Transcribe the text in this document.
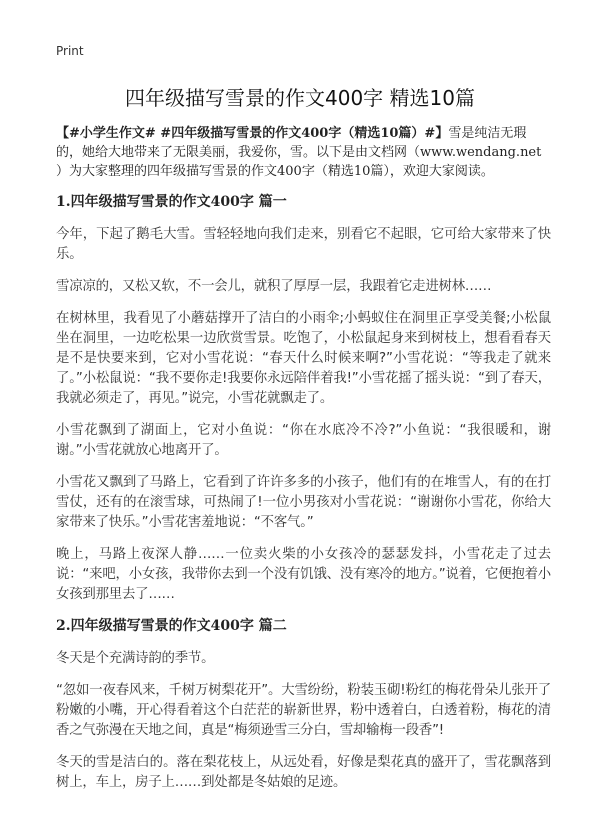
Print
四年级描写雪景的作文400字 精选10篇
【#小学生作文# #四年级描写雪景的作文400字（精选10篇）#】雪是纯洁无瑕的，她给大地带来了无限美丽，我爱你，雪。以下是由文档网（www.wendang.net ）为大家整理的四年级描写雪景的作文400字（精选10篇），欢迎大家阅读。
1.四年级描写雪景的作文400字 篇一

今年，下起了鹅毛大雪。雪轻轻地向我们走来，别看它不起眼，它可给大家带来了快乐。

雪凉凉的，又松又软，不一会儿，就积了厚厚一层，我跟着它走进树林……

在树林里，我看见了小蘑菇撑开了洁白的小雨伞;小蚂蚁住在洞里正享受美餐;小松鼠坐在洞里，一边吃松果一边欣赏雪景。吃饱了，小松鼠起身来到树枝上，想看看春天是不是快要来到，它对小雪花说：“春天什么时候来啊?”小雪花说：“等我走了就来了。”小松鼠说：“我不要你走!我要你永远陪伴着我!”小雪花摇了摇头说：“到了春天，我就必须走了，再见。”说完，小雪花就飘走了。

小雪花飘到了湖面上，它对小鱼说：“你在水底冷不冷?”小鱼说：“我很暖和，谢谢。”小雪花就放心地离开了。

小雪花又飘到了马路上，它看到了许许多多的小孩子，他们有的在堆雪人，有的在打雪仗，还有的在滚雪球，可热闹了!一位小男孩对小雪花说：“谢谢你小雪花，你给大家带来了快乐。”小雪花害羞地说：“不客气。”

晚上，马路上夜深人静……一位卖火柴的小女孩冷的瑟瑟发抖，小雪花走了过去说：“来吧，小女孩，我带你去到一个没有饥饿、没有寒冷的地方。”说着，它便抱着小女孩到那里去了……

2.四年级描写雪景的作文400字 篇二

冬天是个充满诗韵的季节。

“忽如一夜春风来，千树万树梨花开”。大雪纷纷，粉装玉砌!粉红的梅花骨朵儿张开了粉嫩的小嘴，开心得看着这个白茫茫的崭新世界，粉中透着白，白透着粉，梅花的清香之气弥漫在天地之间，真是“梅须逊雪三分白，雪却输梅一段香”!

冬天的雪是洁白的。落在梨花枝上，从远处看，好像是梨花真的盛开了，雪花飘落到树上，车上，房子上……到处都是冬姑娘的足迹。
